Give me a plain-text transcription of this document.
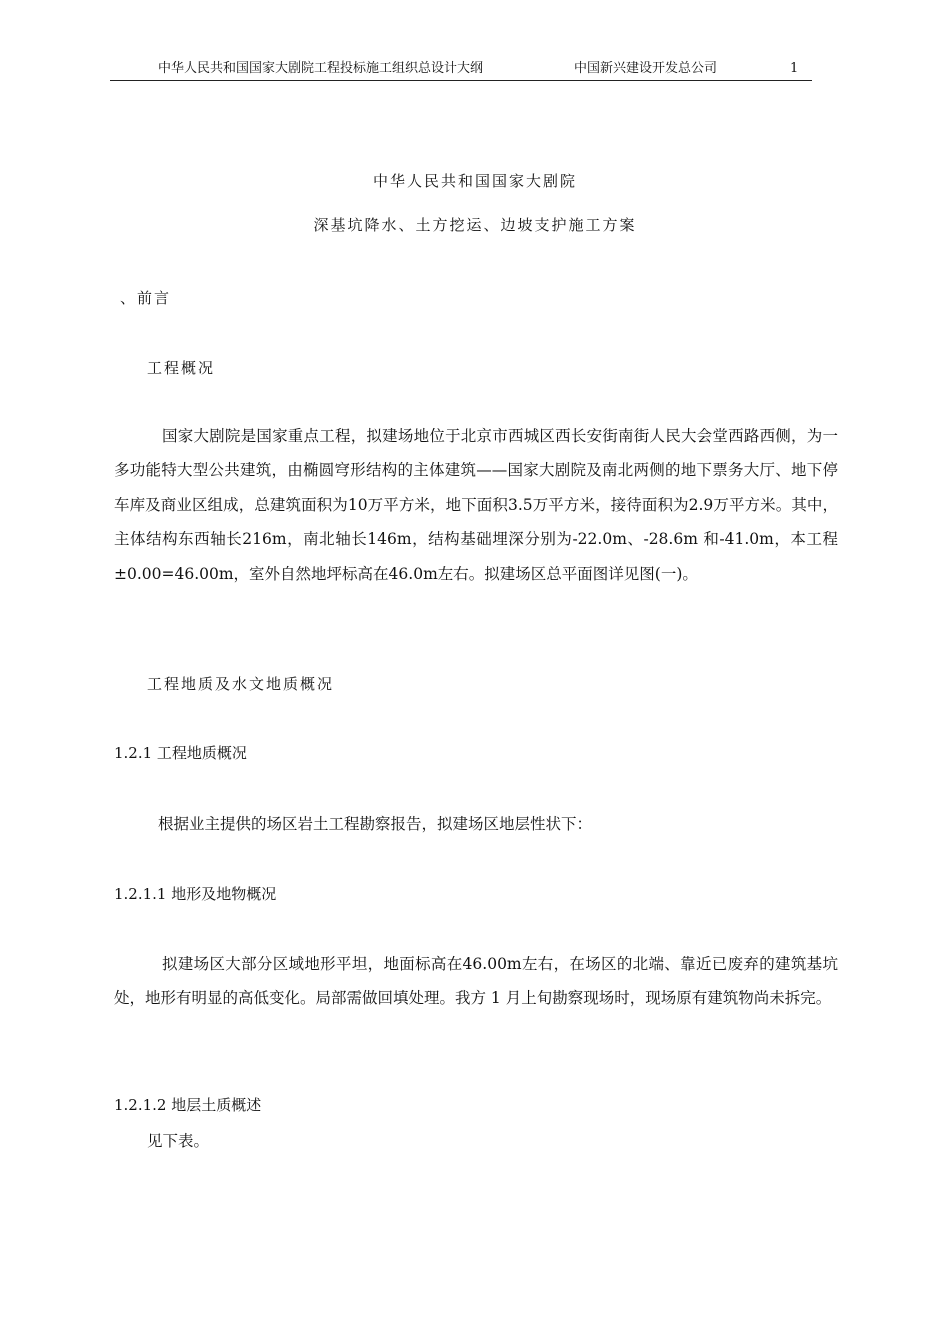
中华人民共和国国家大剧院工程投标施工组织总设计大纲	中国新兴建设开发总公司	1
中华人民共和国国家大剧院
深基坑降水、土方挖运、边坡支护施工方案
、前言
工程概况
国家大剧院是国家重点工程，拟建场地位于北京市西城区西长安街南街人民大会堂西路西侧，为一多功能特大型公共建筑，由椭圆穹形结构的主体建筑——国家大剧院及南北两侧的地下票务大厅、地下停车库及商业区组成，总建筑面积为10万平方米，地下面积3.5万平方米，接待面积为2.9万平方米。其中，主体结构东西轴长216m，南北轴长146m，结构基础埋深分别为-22.0m、-28.6m 和-41.0m，本工程±0.00=46.00m，室外自然地坪标高在46.0m左右。拟建场区总平面图详见图(一)。
工程地质及水文地质概况
1.2.1 工程地质概况
根据业主提供的场区岩土工程勘察报告，拟建场区地层性状下：
1.2.1.1 地形及地物概况
拟建场区大部分区域地形平坦，地面标高在46.00m左右，在场区的北端、靠近已废弃的建筑基坑处，地形有明显的高低变化。局部需做回填处理。我方 1 月上旬勘察现场时，现场原有建筑物尚未拆完。
1.2.1.2 地层土质概述
见下表。
